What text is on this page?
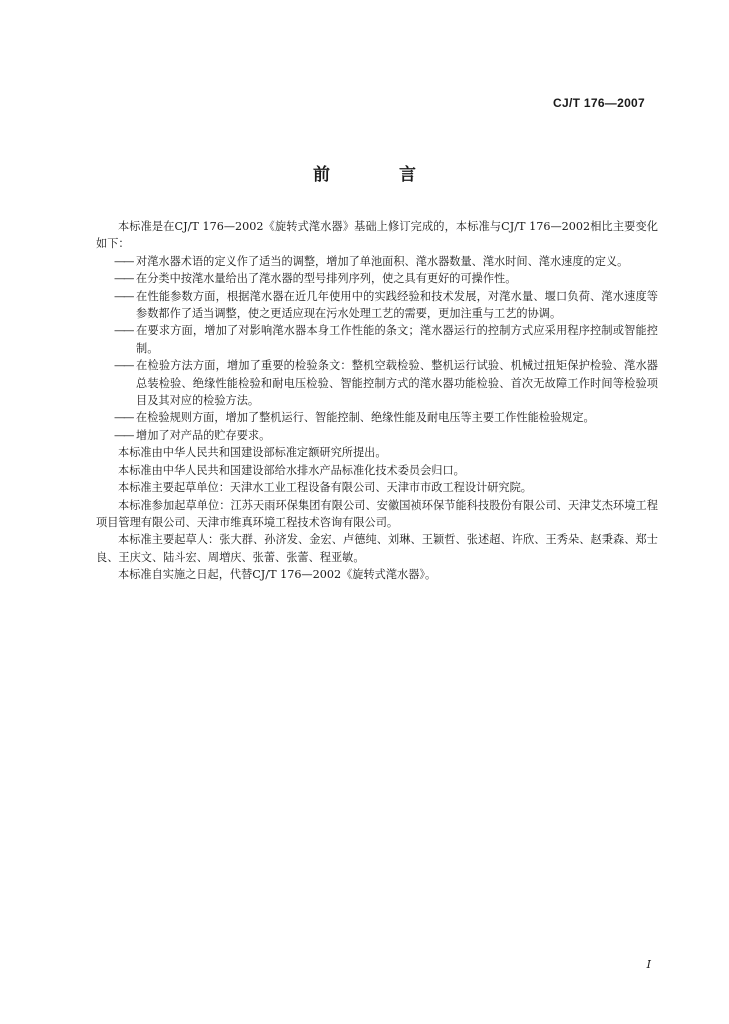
CJ/T 176—2007
前　言

本标准是在CJ/T 176—2002《旋转式滗水器》基础上修订完成的，本标准与CJ/T 176—2002相比主要变化如下：

—— 对滗水器术语的定义作了适当的调整，增加了单池面积、滗水器数量、滗水时间、滗水速度的定义。

—— 在分类中按滗水量给出了滗水器的型号排列序列，使之具有更好的可操作性。

—— 在性能参数方面，根据滗水器在近几年使用中的实践经验和技术发展，对滗水量、堰口负荷、滗水速度等参数都作了适当调整，使之更适应现在污水处理工艺的需要，更加注重与工艺的协调。

—— 在要求方面，增加了对影响滗水器本身工作性能的条文；滗水器运行的控制方式应采用程序控制或智能控制。

—— 在检验方法方面，增加了重要的检验条文：整机空载检验、整机运行试验、机械过扭矩保护检验、滗水器总装检验、绝缘性能检验和耐电压检验、智能控制方式的滗水器功能检验、首次无故障工作时间等检验项目及其对应的检验方法。

—— 在检验规则方面，增加了整机运行、智能控制、绝缘性能及耐电压等主要工作性能检验规定。

—— 增加了对产品的贮存要求。

本标准由中华人民共和国建设部标准定额研究所提出。

本标准由中华人民共和国建设部给水排水产品标准化技术委员会归口。

本标准主要起草单位：天津水工业工程设备有限公司、天津市市政工程设计研究院。

本标准参加起草单位：江苏天雨环保集团有限公司、安徽国祯环保节能科技股份有限公司、天津艾杰环境工程项目管理有限公司、天津市维真环境工程技术咨询有限公司。

本标准主要起草人：张大群、孙济发、金宏、卢德纯、刘琳、王颖哲、张述超、许欣、王秀朵、赵秉森、郑士良、王庆文、陆斗宏、周増庆、张蕾、张蕾、程亚敏。

本标准自实施之日起，代替CJ/T 176—2002《旋转式滗水器》。

I
